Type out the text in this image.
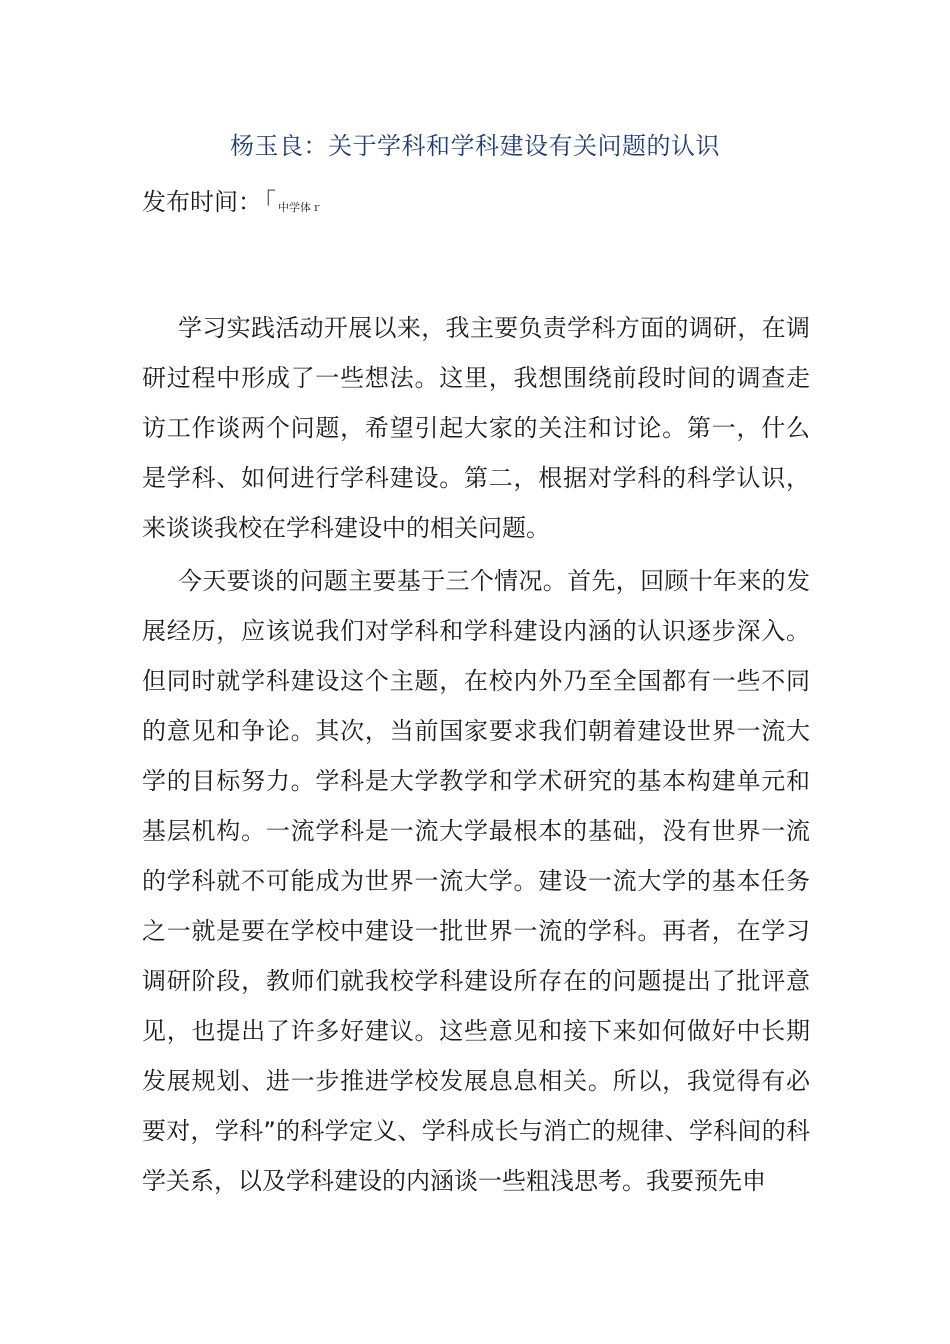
杨玉良：关于学科和学科建设有关问题的认识
发布时间：「 中学体ｒ

学习实践活动开展以来，我主要负责学科方面的调研，在调研过程中形成了一些想法。这里，我想围绕前段时间的调查走访工作谈两个问题，希望引起大家的关注和讨论。第一，什么是学科、如何进行学科建设。第二，根据对学科的科学认识，来谈谈我校在学科建设中的相关问题。

今天要谈的问题主要基于三个情况。首先，回顾十年来的发展经历，应该说我们对学科和学科建设内涵的认识逐步深入。但同时就学科建设这个主题，在校内外乃至全国都有一些不同的意见和争论。其次，当前国家要求我们朝着建设世界一流大学的目标努力。学科是大学教学和学术研究的基本构建单元和基层机构。一流学科是一流大学最根本的基础，没有世界一流的学科就不可能成为世界一流大学。建设一流大学的基本任务之一就是要在学校中建设一批世界一流的学科。再者，在学习调研阶段，教师们就我校学科建设所存在的问题提出了批评意见，也提出了许多好建议。这些意见和接下来如何做好中长期发展规划、进一步推进学校发展息息相关。所以，我觉得有必要对，学科”的科学定义、学科成长与消亡的规律、学科间的科学关系，以及学科建设的内涵谈一些粗浅思考。我要预先申
